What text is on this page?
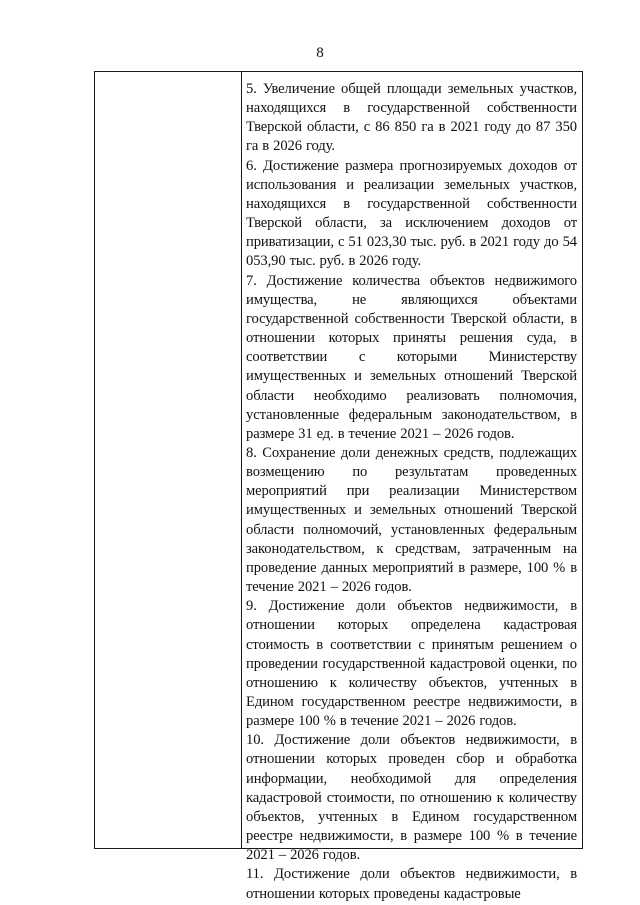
8

5. Увеличение общей площади земельных участков, находящихся в государственной собственности Тверской области, с 86 850 га в 2021 году до 87 350 га в 2026 году.

6. Достижение размера прогнозируемых доходов от использования и реализации земельных участков, находящихся в государственной собственности Тверской области, за исключением доходов от приватизации, с 51 023,30 тыс. руб. в 2021 году до 54 053,90 тыс. руб. в 2026 году.

7. Достижение количества объектов недвижимого имущества, не являющихся объектами государственной собственности Тверской области, в отношении которых приняты решения суда, в соответствии с которыми Министерству имущественных и земельных отношений Тверской области необходимо реализовать полномочия, установленные федеральным законодательством, в размере 31 ед. в течение 2021 – 2026 годов.

8. Сохранение доли денежных средств, подлежащих возмещению по результатам проведенных мероприятий при реализации Министерством имущественных и земельных отношений Тверской области полномочий, установленных федеральным законодательством, к средствам, затраченным на проведение данных мероприятий в размере, 100 % в течение 2021 – 2026 годов.

9. Достижение доли объектов недвижимости, в отношении которых определена кадастровая стоимость в соответствии с принятым решением о проведении государственной кадастровой оценки, по отношению к количеству объектов, учтенных в Едином государственном реестре недвижимости, в размере 100 % в течение 2021 – 2026 годов.

10. Достижение доли объектов недвижимости, в отношении которых проведен сбор и обработка информации, необходимой для определения кадастровой стоимости, по отношению к количеству объектов, учтенных в Едином государственном реестре недвижимости, в размере 100 % в течение 2021 – 2026 годов.

11. Достижение доли объектов недвижимости, в отношении которых проведены кадастровые
